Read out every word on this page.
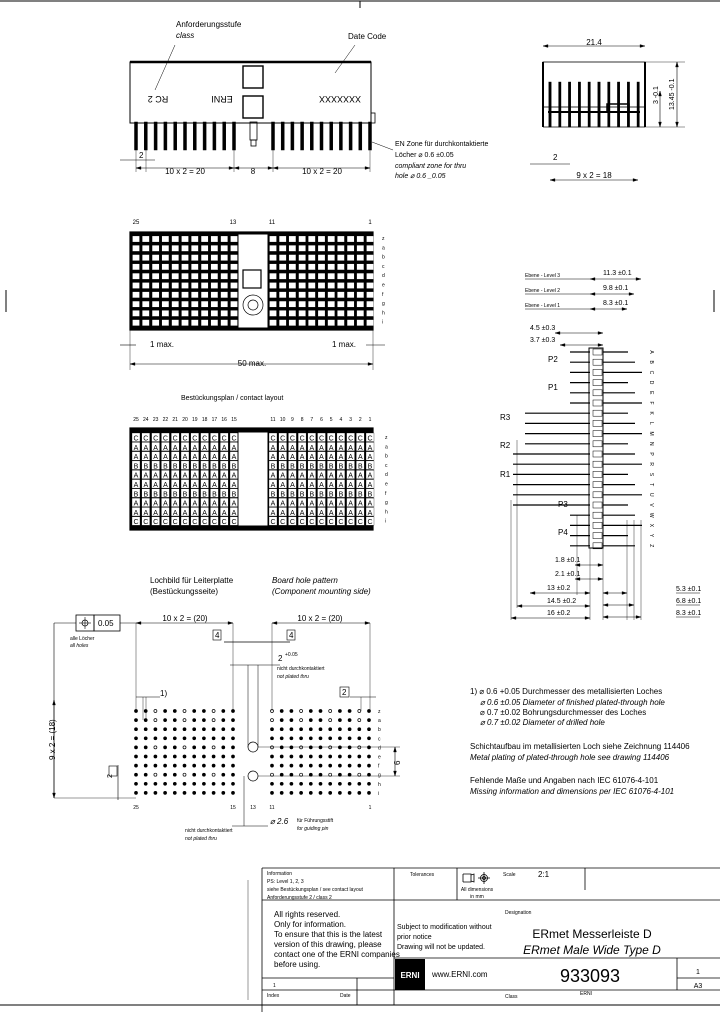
Anforderungsstufe
class
RC 2	ERNI
Date Code
XXXXXXX
2
10 x 2 = 20	8	10 x 2 = 20
EN Zone für durchkontaktierte
Löcher ⌀ 0.6 ±0.05
compliant zone for thru
hole ⌀ 0.6 _0.05
21.4
2
9 x 2 = 18
3 -0.1 13.45 -0.1
25	13	11	1
z
a
b
c
d
e
f
g
h
i
1 max.	1 max.
50 max.
Bestückungsplan / contact layout
25 24 23 22 21 20 19 18 17 16 15	11 10 9 8 7 6 5 4 3 2 1
C C C C C C C C C C C	C C C C C C C C C C C z
A A A A A A A A A A A	A A A A A A A A A A A	a
A A A A A A A A A A A	A A A A A A A A A A A	b
B B B B B B B B B B B	B B B B B B B B B B B	c
A A A A A A A A A A A	A A A A A A A A A A A	d
A A A A A A A A A A A	A A A A A A A A A A A	e
B B B B B B B B B B B	B B B B B B B B B B B	f
A A A A A A A A A A A	A A A A A A A A A A A	g
A A A A A A A A A A A	A A A A A A A A A A A	h
C C C C C C C C C C C	C C C C C C C C C C C i
Ebene - Level 3	11.3 ±0.1
Ebene - Level 2	9.8 ±0.1
Ebene - Level 1	8.3 ±0.1
4.5 ±0.3
3.7 ±0.3
A
B
C
D
E
F
K
L
M
N
P
R
S
T
U
V
W
X
Y
Z
P2
P1
R3
R2
R1
P3
P4
1.8 ±0.1
2.1 ±0.1
13 ±0.2
14.5 ±0.2
16 ±0.2
5.3 ±0.1
6.8 ±0.1
8.3 ±0.1
1) ⌀ 0.6 +0.05 Durchmesser des metallisierten Loches
⌀ 0.6 ±0.05 Diameter of finished plated-through hole
⌀ 0.7 ±0.02 Bohrungsdurchmesser des Loches
⌀ 0.7 ±0.02 Diameter of drilled hole
Schichtaufbau im metallisierten Loch siehe Zeichnung 114406
Metal plating of plated-through hole see drawing 114406
Fehlende Maße und Angaben nach IEC 61076-4-101
Missing information and dimensions per IEC 61076-4-101
Lochbild für Leiterplatte
(Bestückungsseite)
Board hole pattern
(Component mounting side)
0.05
alle Löcher
all holes
10 x 2 = (20)	10 x 2 = (20)
4	4
2
1)
9 x 2 = (18)
2
6
2 +0.05
nicht durchkontaktiert
not plated thru
nicht durchkontaktiert
not plated thru
⌀ 2.6 für Führungsstift
for guiding pin
25	15	13	11	1
z
a
b
c
d
e
f
g
h
i
Information
PS: Level 1, 2, 3
siehe Bestückungsplan / see contact layout
Anforderungsstufe 2 / class 2
All rights reserved.
Only for information.
To ensure that this is the latest
version of this drawing, please
contact one of the ERNI companies
before using.
Tolerances
All dimensions
in mm
Scale	2:1
Designation
Subject to modification without
prior notice
Drawing will not be updated.
ERmet Messerleiste D
ERmet Male Wide Type D
ERNI www.ERNI.com	933093	1
A3
1
Index	Date	Class	ERNI
